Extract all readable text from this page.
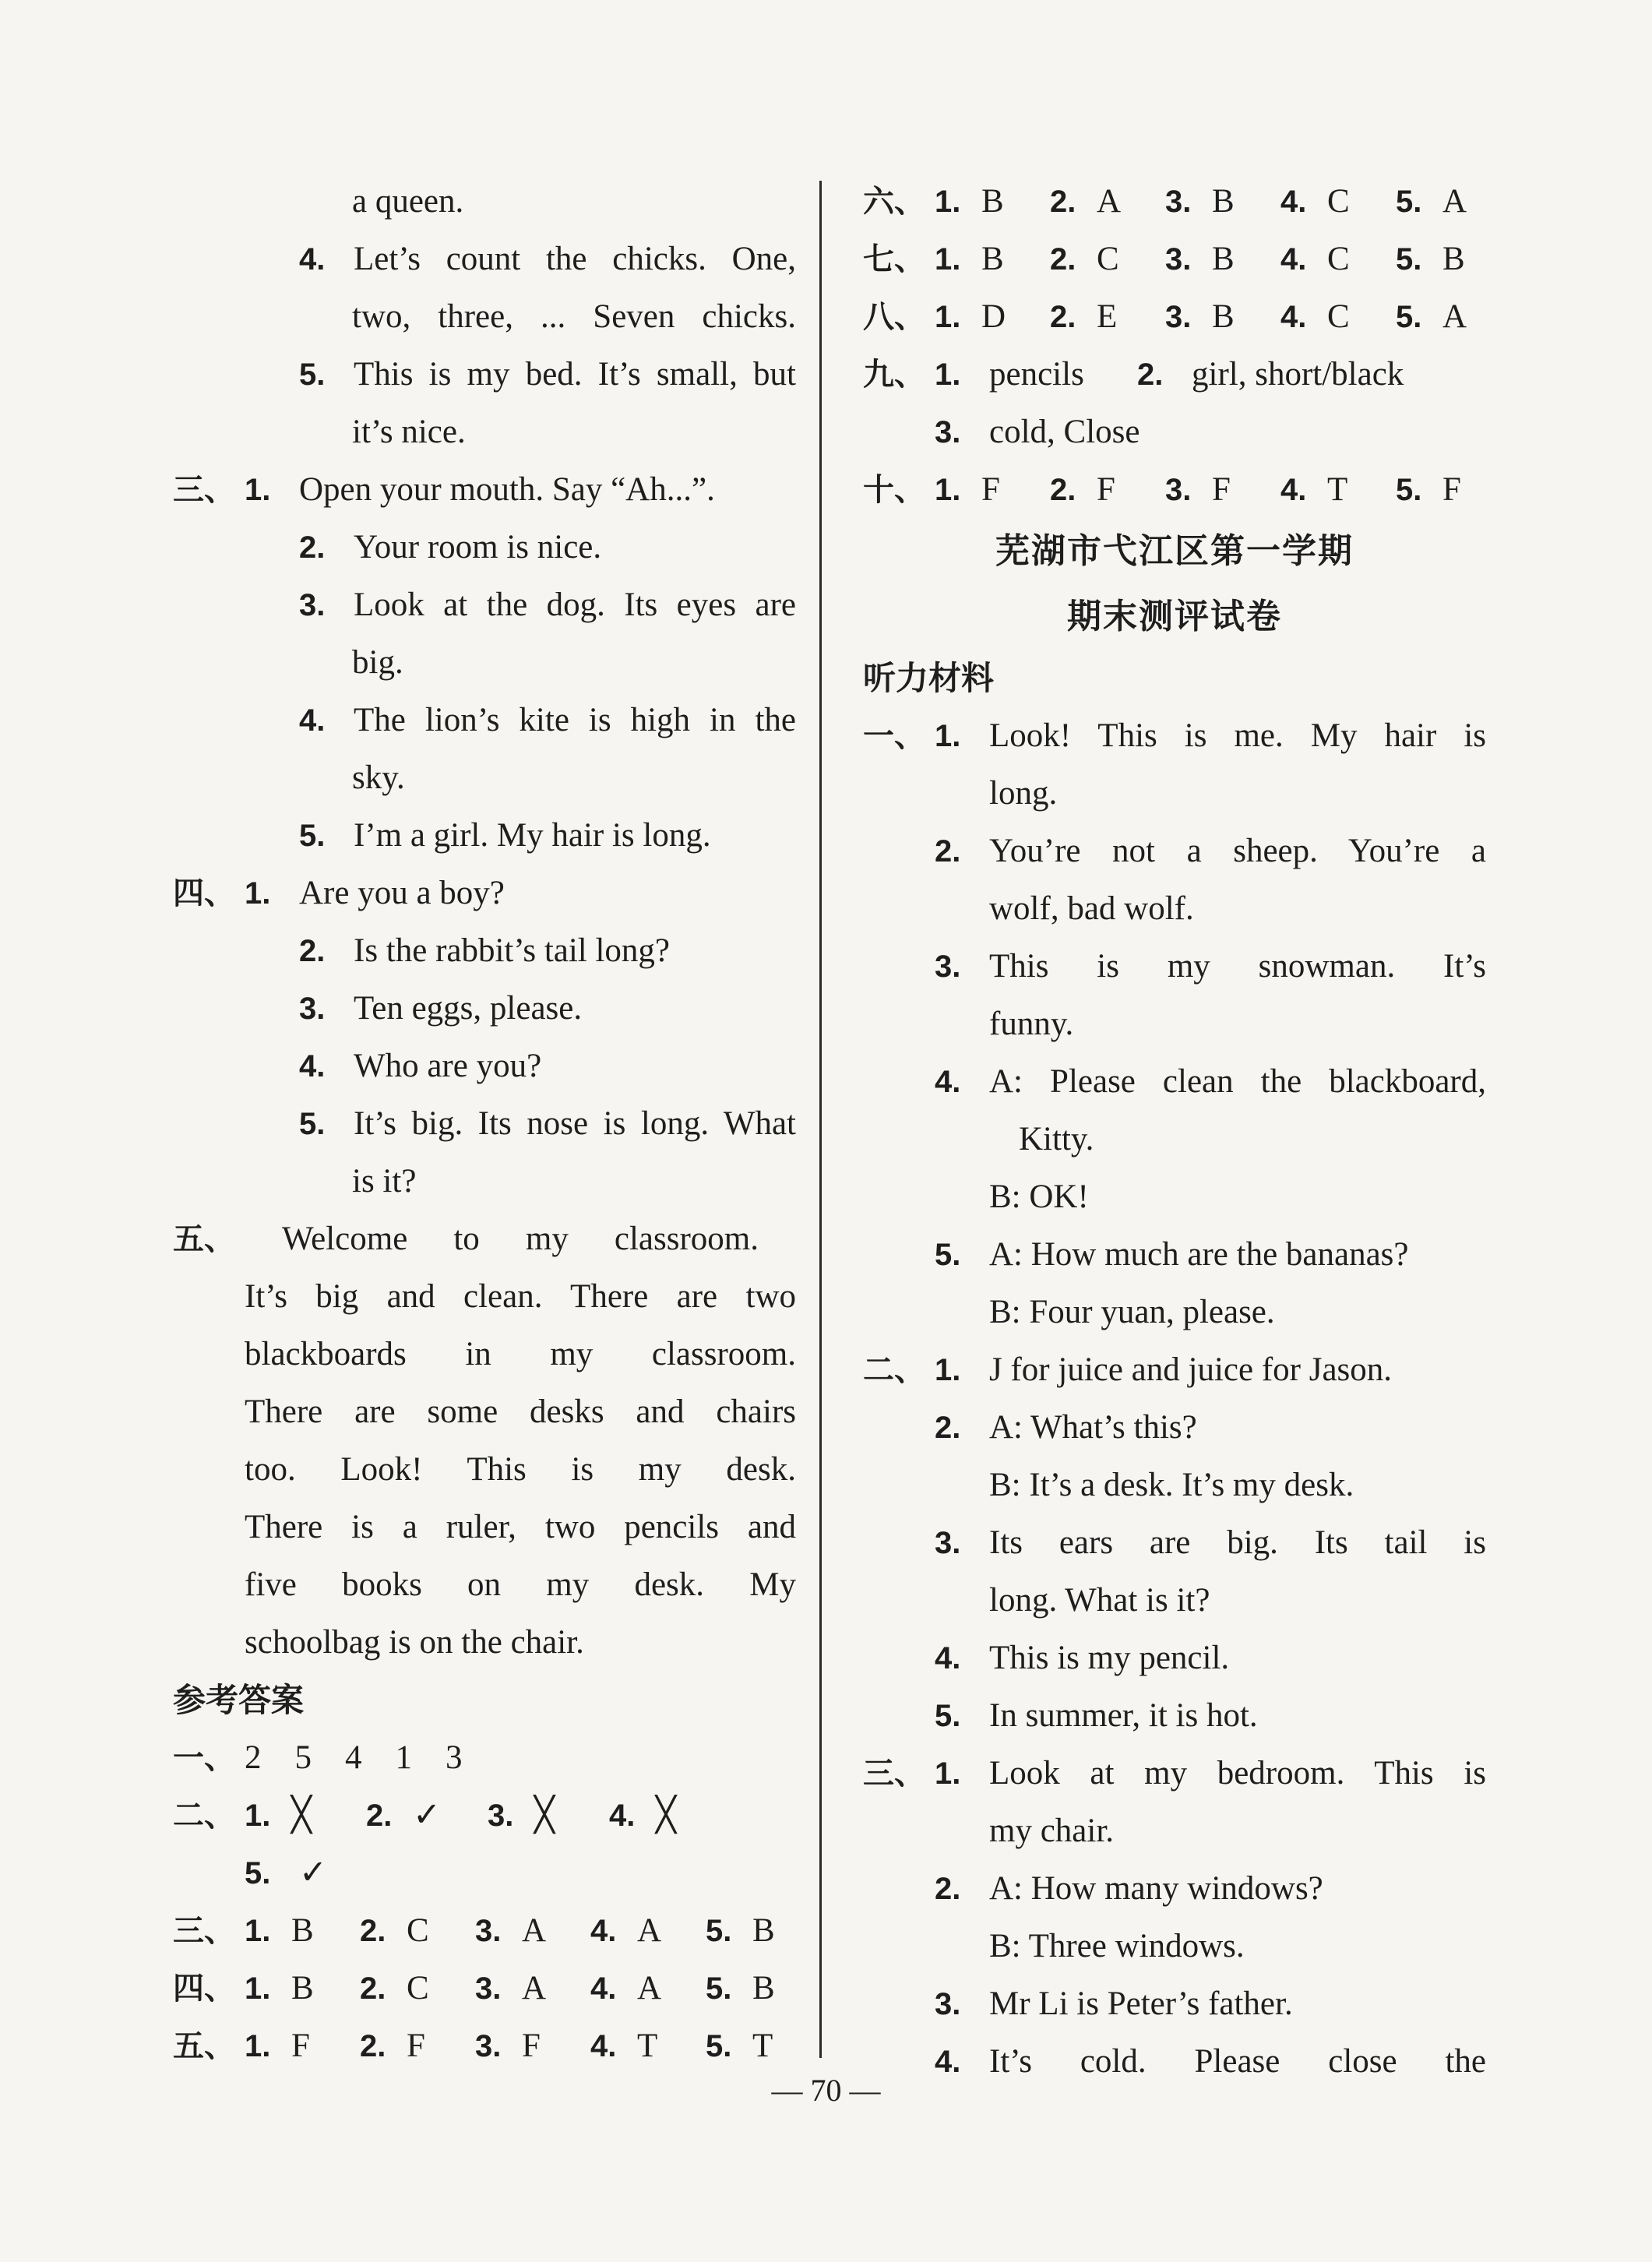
a queen.
4. Let’s count the chicks. One,
two, three, ... Seven chicks.
5. This is my bed. It’s small, but
it’s nice.
三、 1. Open your mouth. Say “Ah...”.
2. Your room is nice.
3. Look at the dog. Its eyes are
big.
4. The lion’s kite is high in the
sky.
5. I’m a girl. My hair is long.
四、 1. Are you a boy?
2. Is the rabbit’s tail long?
3. Ten eggs, please.
4. Who are you?
5. It’s big. Its nose is long. What
is it?
五、 Welcome to my classroom.
It’s big and clean. There are two
blackboards in my classroom.
There are some desks and chairs
too. Look! This is my desk.
There is a ruler, two pencils and
five books on my desk. My
schoolbag is on the chair.
参考答案
一、 2　5　4　1　3
二、 1. ╳ 2. ✓ 3. ╳ 4. ╳
5. ✓
三、 1. B 2. C 3. A 4. A 5. B
四、 1. B 2. C 3. A 4. A 5. B
五、 1. F 2. F 3. F 4. T 5. T
六、 1. B 2. A 3. B 4. C 5. A
七、 1. B 2. C 3. B 4. C 5. B
八、 1. D 2. E 3. B 4. C 5. A
九、 1. pencils 2. girl, short/black
3. cold, Close
十、 1. F 2. F 3. F 4. T 5. F
芜湖市弋江区第一学期
期末测评试卷
听力材料
一、 1. Look! This is me. My hair is
long.
2. You’re not a sheep. You’re a
wolf, bad wolf.
3. This is my snowman. It’s
funny.
4. A: Please clean the blackboard,
Kitty.
B: OK!
5. A: How much are the bananas?
B: Four yuan, please.
二、 1. J for juice and juice for Jason.
2. A: What’s this?
B: It’s a desk. It’s my desk.
3. Its ears are big. Its tail is
long. What is it?
4. This is my pencil.
5. In summer, it is hot.
三、 1. Look at my bedroom. This is
my chair.
2. A: How many windows?
B: Three windows.
3. Mr Li is Peter’s father.
4. It’s cold. Please close the
— 70 —
